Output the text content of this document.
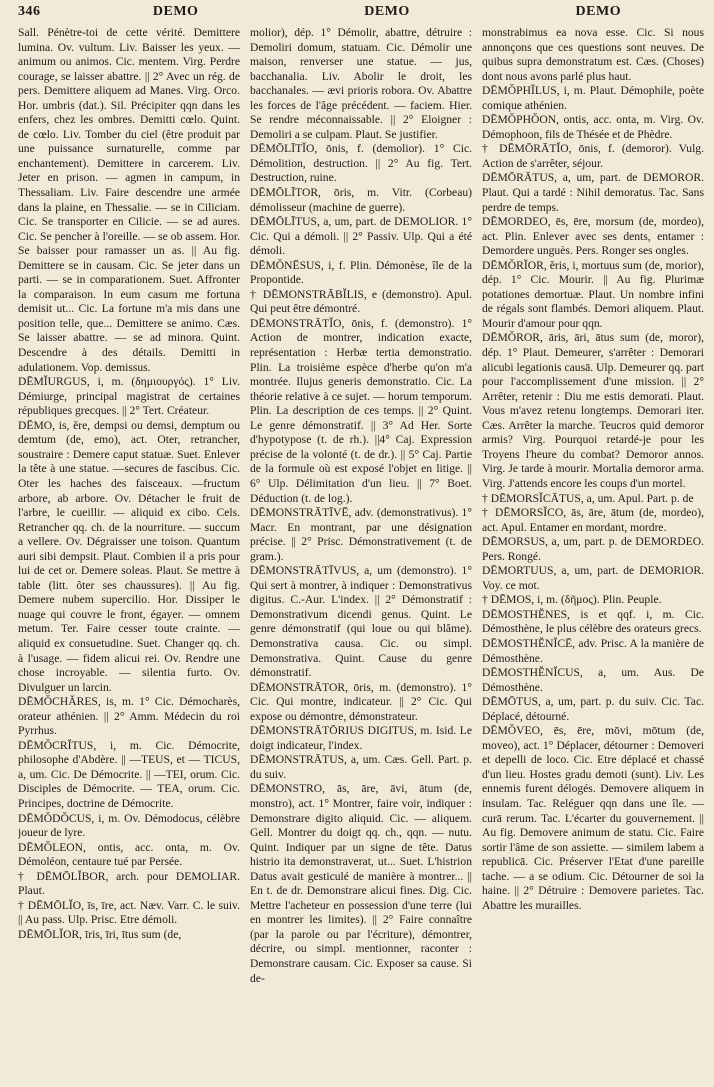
346	DEMO	DEMO	DEMO

Sall. Pénètre-toi de cette vérité. Demittere lumina. Ov. vultum. Liv. Baisser les yeux. — animum ou animos. Cic. mentem. Virg. Perdre courage, se laisser abattre. || 2° Avec un rég. de pers. Demittere aliquem ad Manes. Virg. Orco. Hor. umbris (dat.). Sil. Précipiter qqn dans les enfers, chez les ombres. Demitti cœlo. Quint. de cœlo. Liv. Tomber du ciel (être produit par une puissance surnaturelle, comme par enchantement). Demittere in carcerem. Liv. Jeter en prison. — agmen in campum, in Thessaliam. Liv. Faire descendre une armée dans la plaine, en Thessalie. — se in Ciliciam. Cic. Se transporter en Cilicie. — se ad aures. Cic. Se pencher à l'oreille. — se ob assem. Hor. Se baisser pour ramasser un as. || Au fig. Demittere se in causam. Cic. Se jeter dans un parti. — se in comparationem. Suet. Affronter la comparaison. In eum casum me fortuna demisit ut... Cic. La fortune m'a mis dans une position telle, que... Demittere se animo. Cæs. Se laisser abattre. — se ad minora. Quint. Descendre à des détails. Demitti in adulationem. Vop. demissus.

DĒMĬURGUS, i, m. (δημιουργός). 1° Liv. Démiurge, principal magistrat de certaines républiques grecques. || 2° Tert. Créateur.

DĒMO, is, ĕre, dempsi ou demsi, demptum ou demtum (de, emo), act. Oter, retrancher, soustraire : Demere caput statuæ. Suet. Enlever la tête à une statue. —secures de fascibus. Cic. Oter les haches des faisceaux. —fructum arbore, ab arbore. Ov. Détacher le fruit de l'arbre, le cueillir. — aliquid ex cibo. Cels. Retrancher qq. ch. de la nourriture. — succum a vellere. Ov. Dégraisser une toison. Quantum auri sibi dempsit. Plaut. Combien il a pris pour lui de cet or. Demere soleas. Plaut. Se mettre à table (litt. ôter ses chaussures). || Au fig. Demere nubem supercilio. Hor. Dissiper le nuage qui couvre le front, égayer. — omnem metum. Ter. Faire cesser toute crainte. — aliquid ex consuetudine. Suet. Changer qq. ch. à l'usage. — fidem alicui rei. Ov. Rendre une chose incroyable. — silentia furto. Ov. Divulguer un larcin.

DĒMŎCHĂRES, is, m. 1° Cic. Démocharès, orateur athénien. || 2° Amm. Médecin du roi Pyrrhus.

DĒMŎCRĬTUS, i, m. Cic. Démocrite, philosophe d'Abdère. || —TEUS, et — TICUS, a, um. Cic. De Démocrite. || —TEI, orum. Cic. Disciples de Démocrite. — TEA, orum. Cic. Principes, doctrine de Démocrite.

DĒMŎDŎCUS, i, m. Ov. Démodocus, célèbre joueur de lyre.

DĒMŎLEON, ontis, acc. onta, m. Ov. Démoléon, centaure tué par Persée.

† DĒMŌLĬBOR, arch. pour DEMOLIAR. Plaut.

† DĒMŌLĬO, īs, īre, act. Næv. Varr. C. le suiv. || Au pass. Ulp. Prisc. Etre démoli.

DĒMŌLĬOR, īris, īri, ītus sum (de,

molior), dép. 1° Démolir, abattre, détruire : Demoliri domum, statuam. Cic. Démolir une maison, renverser une statue. — jus, bacchanalia. Liv. Abolir le droit, les bacchanales. — ævi prioris robora. Ov. Abattre les forces de l'âge précédent. — faciem. Hier. Se rendre méconnaissable. || 2° Eloigner : Demoliri a se culpam. Plaut. Se justifier.

DĒMŌLĪTĬO, ōnis, f. (demolior). 1° Cic. Démolition, destruction. || 2° Au fig. Tert. Destruction, ruine.

DĒMŌLĪTOR, ōris, m. Vitr. (Corbeau) démolisseur (machine de guerre).

DĒMŌLĪTUS, a, um, part. de DEMOLIOR. 1° Cic. Qui a démoli. || 2° Passiv. Ulp. Qui a été démoli.

DĒMŎNĒSUS, i, f. Plin. Démonèse, île de la Propontide.

† DĒMONSTRĀBĬLIS, e (demonstro). Apul. Qui peut être démontré.

DĒMONSTRĀTĬO, ōnis, f. (demonstro). 1° Action de montrer, indication exacte, représentation : Herbæ tertia demonstratio. Plin. La troisième espèce d'herbe qu'on m'a montrée. Ilujus generis demonstratio. Cic. La théorie relative à ce sujet. — horum temporum. Plin. La description de ces temps. || 2° Quint. Le genre démonstratif. || 3° Ad Her. Sorte d'hypotypose (t. de rh.). ||4° Caj. Expression précise de la volonté (t. de dr.). || 5° Caj. Partie de la formule où est exposé l'objet en litige. || 6° Ulp. Délimitation d'un lieu. || 7° Boet. Déduction (t. de log.).

DĒMONSTRĀTĪVĒ, adv. (demonstrativus). 1° Macr. En montrant, par une désignation précise. || 2° Prisc. Démonstrativement (t. de gram.).

DĒMONSTRĀTĪVUS, a, um (demonstro). 1° Qui sert à montrer, à indiquer : Demonstrativus digitus. C.-Aur. L'index. || 2° Démonstratif : Demonstrativum dicendi genus. Quint. Le genre démonstratif (qui loue ou qui blâme). Demonstrativa causa. Cic. ou simpl. Demonstrativa. Quint. Cause du genre démonstratif.

DĒMONSTRĀTOR, ōris, m. (demonstro). 1° Cic. Qui montre, indicateur. || 2° Cic. Qui expose ou démontre, démonstrateur.

DĒMONSTRĀTŌRIUS DIGITUS, m. Isid. Le doigt indicateur, l'index.

DĒMONSTRĀTUS, a, um. Cæs. Gell. Part. p. du suiv.

DĒMONSTRO, ās, āre, āvi, ātum (de, monstro), act. 1° Montrer, faire voir, indiquer : Demonstrare digito aliquid. Cic. — aliquem. Gell. Montrer du doigt qq. ch., qqn. — nutu. Quint. Indiquer par un signe de tête. Datus histrio ita demonstraverat, ut... Suet. L'histrion Datus avait gesticulé de manière à montrer... || En t. de dr. Demonstrare alicui fines. Dig. Cic. Mettre l'acheteur en possession d'une terre (lui en montrer les limites). || 2° Faire connaître (par la parole ou par l'écriture), démontrer, décrire, ou simpl. mentionner, raconter : Demonstrare causam. Cic. Exposer sa cause. Si de-

monstrabimus ea nova esse. Cic. Si nous annonçons que ces questions sont neuves. De quibus supra demonstratum est. Cæs. (Choses) dont nous avons parlé plus haut.

DĒMŎPHĬLUS, i, m. Plaut. Démophile, poète comique athénien.

DĒMŎPHŎON, ontis, acc. onta, m. Virg. Ov. Démophoon, fils de Thésée et de Phèdre.

† DĒMŌRĀTĬO, ōnis, f. (demoror). Vulg. Action de s'arrêter, séjour.

DĒMŌRĀTUS, a, um, part. de DEMOROR. Plaut. Qui a tardé : Nihil demoratus. Tac. Sans perdre de temps.

DĒMORDEO, ēs, ēre, morsum (de, mordeo), act. Plin. Enlever avec ses dents, entamer : Demordere unguès. Pers. Ronger ses ongles.

DĒMŎRĬOR, ĕris, i, mortuus sum (de, morior), dép. 1° Cic. Mourir. || Au fig. Plurimæ potationes demortuæ. Plaut. Un nombre infini de régals sont flambés. Demori aliquem. Plaut. Mourir d'amour pour qqn.

DĒMŎROR, āris, āri, ātus sum (de, moror), dép. 1° Plaut. Demeurer, s'arrêter : Demorari alicubi legationis causā. Ulp. Demeurer qq. part pour l'accomplissement d'une mission. || 2° Arrêter, retenir : Diu me estis demorati. Plaut. Vous m'avez retenu longtemps. Demorari iter. Cæs. Arrêter la marche. Teucros quid demoror armis? Virg. Pourquoi retardé-je pour les Troyens l'heure du combat? Demoror annos. Virg. Je tarde à mourir. Mortalia demoror arma. Virg. J'attends encore les coups d'un mortel.

† DĒMORSĬCĀTUS, a, um. Apul. Part. p. de

† DĒMORSĬCO, ās, āre, ātum (de, mordeo), act. Apul. Entamer en mordant, mordre.

DĒMORSUS, a, um, part. p. de DEMORDEO. Pers. Rongé.

DĒMORTUUS, a, um, part. de DEMORIOR. Voy. ce mot.

† DĒMOS, i, m. (δῆμος). Plin. Peuple.

DĒMOSTHĔNES, is et qqf. i, m. Cic. Démosthène, le plus célèbre des orateurs grecs.

DĒMOSTHĔNĬCĒ, adv. Prisc. A la manière de Démosthène.

DĒMOSTHĔNĬCUS, a, um. Aus. De Démosthène.

DĒMŌTUS, a, um, part. p. du suiv. Cic. Tac. Déplacé, détourné.

DĒMŎVEO, ēs, ēre, mōvi, mōtum (de, moveo), act. 1° Déplacer, détourner : Demoveri et depelli de loco. Cic. Etre déplacé et chassé d'un lieu. Hostes gradu demoti (sunt). Liv. Les ennemis furent délogés. Demovere aliquem in insulam. Tac. Reléguer qqn dans une île. — curā rerum. Tac. L'écarter du gouvernement. || Au fig. Demovere animum de statu. Cic. Faire sortir l'âme de son assiette. — similem labem a republicā. Cic. Préserver l'Etat d'une pareille tache. — a se odium. Cic. Détourner de soi la haine. || 2° Détruire : Demovere parietes. Tac. Abattre les murailles.
